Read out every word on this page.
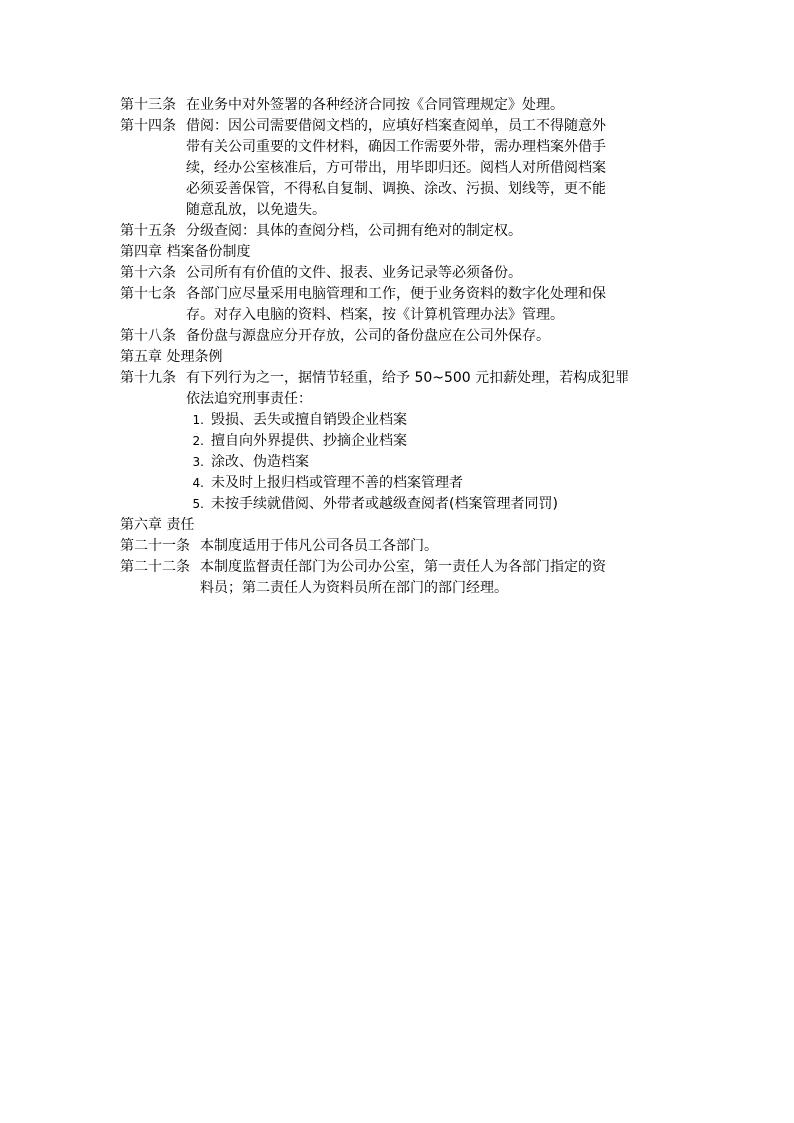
第十三条 在业务中对外签署的各种经济合同按《合同管理规定》处理。
第十四条 借阅：因公司需要借阅文档的，应填好档案查阅单，员工不得随意外
带有关公司重要的文件材料，确因工作需要外带，需办理档案外借手
续，经办公室核准后，方可带出，用毕即归还。阅档人对所借阅档案
必须妥善保管，不得私自复制、调换、涂改、污损、划线等，更不能
随意乱放，以免遗失。
第十五条 分级查阅：具体的查阅分档，公司拥有绝对的制定权。
第四章 档案备份制度
第十六条 公司所有有价值的文件、报表、业务记录等必须备份。
第十七条 各部门应尽量采用电脑管理和工作，便于业务资料的数字化处理和保
存。对存入电脑的资料、档案，按《计算机管理办法》管理。
第十八条 备份盘与源盘应分开存放，公司的备份盘应在公司外保存。
第五章 处理条例
第十九条 有下列行为之一，据情节轻重，给予 50~500 元扣薪处理，若构成犯罪
依法追究刑事责任：
1. 毁损、丢失或擅自销毁企业档案
2. 擅自向外界提供、抄摘企业档案
3. 涂改、伪造档案
4. 未及时上报归档或管理不善的档案管理者
5. 未按手续就借阅、外带者或越级查阅者(档案管理者同罚)
第六章 责任
第二十一条 本制度适用于伟凡公司各员工各部门。
第二十二条 本制度监督责任部门为公司办公室，第一责任人为各部门指定的资
料员；第二责任人为资料员所在部门的部门经理。
